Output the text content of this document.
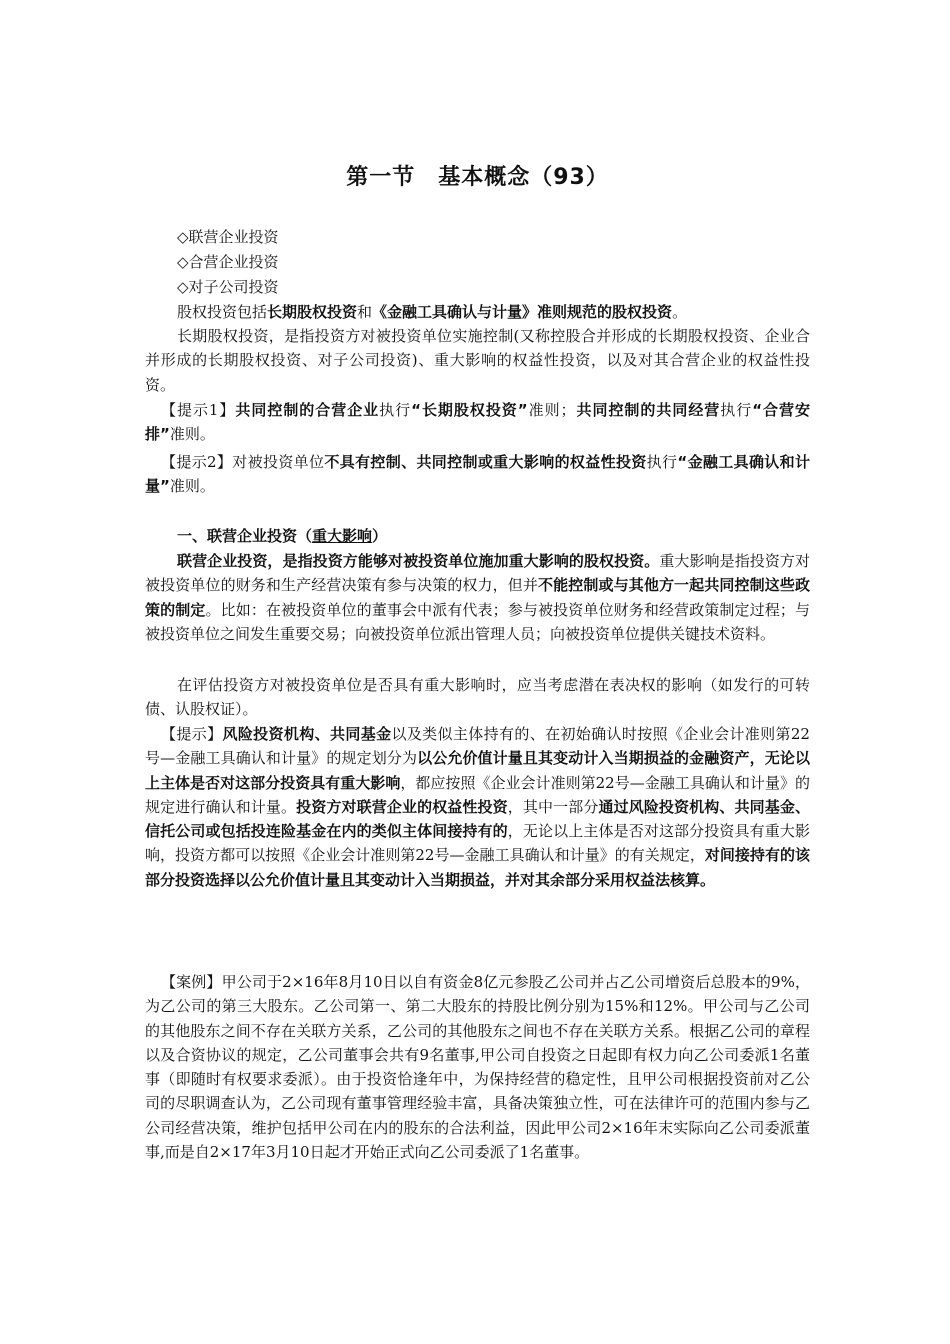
第一节　基本概念（93）
◇联营企业投资
◇合营企业投资
◇对子公司投资
股权投资包括长期股权投资和《金融工具确认与计量》准则规范的股权投资。
长期股权投资，是指投资方对被投资单位实施控制(又称控股合并形成的长期股权投资、企业合并形成的长期股权投资、对子公司投资)、重大影响的权益性投资，以及对其合营企业的权益性投资。
【提示1】共同控制的合营企业执行“长期股权投资”准则；共同控制的共同经营执行“合营安排”准则。
【提示2】对被投资单位不具有控制、共同控制或重大影响的权益性投资执行“金融工具确认和计量”准则。
一、联营企业投资（重大影响）
联营企业投资，是指投资方能够对被投资单位施加重大影响的股权投资。重大影响是指投资方对被投资单位的财务和生产经营决策有参与决策的权力，但并不能控制或与其他方一起共同控制这些政策的制定。比如：在被投资单位的董事会中派有代表；参与被投资单位财务和经营政策制定过程；与被投资单位之间发生重要交易；向被投资单位派出管理人员；向被投资单位提供关键技术资料。
在评估投资方对被投资单位是否具有重大影响时，应当考虑潜在表决权的影响（如发行的可转债、认股权证）。
【提示】风险投资机构、共同基金以及类似主体持有的、在初始确认时按照《企业会计准则第22号—金融工具确认和计量》的规定划分为以公允价值计量且其变动计入当期损益的金融资产，无论以上主体是否对这部分投资具有重大影响，都应按照《企业会计准则第22号—金融工具确认和计量》的规定进行确认和计量。投资方对联营企业的权益性投资，其中一部分通过风险投资机构、共同基金、信托公司或包括投连险基金在内的类似主体间接持有的，无论以上主体是否对这部分投资具有重大影响，投资方都可以按照《企业会计准则第22号—金融工具确认和计量》的有关规定，对间接持有的该部分投资选择以公允价值计量且其变动计入当期损益，并对其余部分采用权益法核算。
【案例】甲公司于2×16年8月10日以自有资金8亿元参股乙公司并占乙公司增资后总股本的9%，为乙公司的第三大股东。乙公司第一、第二大股东的持股比例分别为15%和12%。甲公司与乙公司的其他股东之间不存在关联方关系，乙公司的其他股东之间也不存在关联方关系。根据乙公司的章程以及合资协议的规定，乙公司董事会共有9名董事,甲公司自投资之日起即有权力向乙公司委派1名董事（即随时有权要求委派）。由于投资恰逢年中，为保持经营的稳定性，且甲公司根据投资前对乙公司的尽职调查认为，乙公司现有董事管理经验丰富，具备决策独立性，可在法律许可的范围内参与乙公司经营决策，维护包括甲公司在内的股东的合法利益，因此甲公司2×16年末实际向乙公司委派董事,而是自2×17年3月10日起才开始正式向乙公司委派了1名董事。
